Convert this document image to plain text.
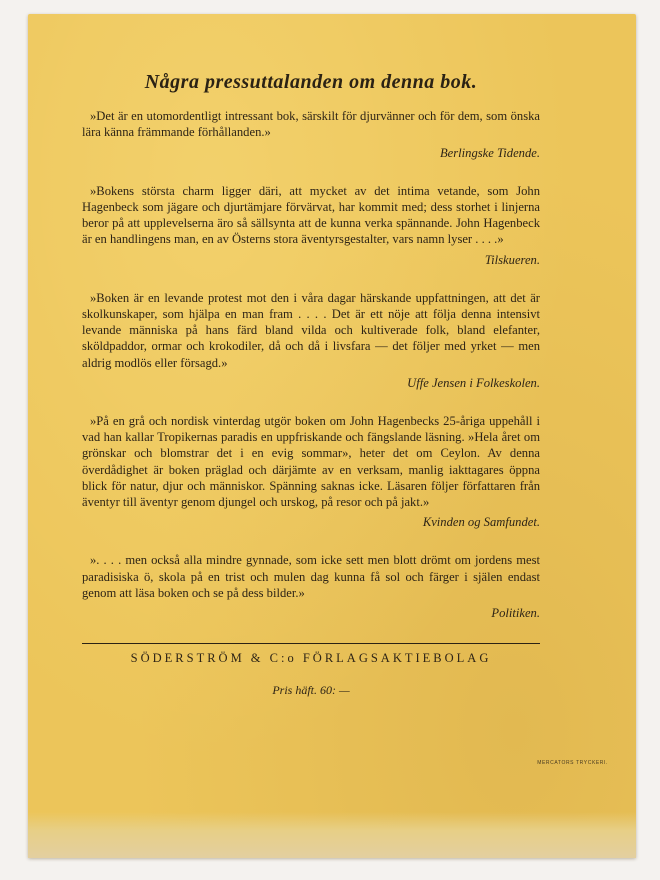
Några pressuttalanden om denna bok.

»Det är en utomordentligt intressant bok, särskilt för djurvänner och för dem, som önska lära känna främmande förhållanden.»

Berlingske Tidende.

»Bokens största charm ligger däri, att mycket av det intima vetande, som John Hagenbeck som jägare och djurtämjare förvärvat, har kommit med; dess storhet i linjerna beror på att upplevelserna äro så sällsynta att de kunna verka spännande. John Hagenbeck är en handlingens man, en av Österns stora äventyrsgestalter, vars namn lyser . . . .»

Tilskueren.

»Boken är en levande protest mot den i våra dagar härskande uppfattningen, att det är skolkunskaper, som hjälpa en man fram . . . . Det är ett nöje att följa denna intensivt levande människa på hans färd bland vilda och kultiverade folk, bland elefanter, sköldpaddor, ormar och krokodiler, då och då i livsfara — det följer med yrket — men aldrig modlös eller försagd.»

Uffe Jensen i Folkeskolen.

»På en grå och nordisk vinterdag utgör boken om John Hagenbecks 25-åriga uppehåll i vad han kallar Tropikernas paradis en uppfriskande och fängslande läsning. »Hela året om grönskar och blomstrar det i en evig sommar», heter det om Ceylon. Av denna överdådighet är boken präglad och därjämte av en verksam, manlig iakttagares öppna blick för natur, djur och människor. Spänning saknas icke. Läsaren följer författaren från äventyr till äventyr genom djungel och urskog, på resor och på jakt.»

Kvinden og Samfundet.

». . . . men också alla mindre gynnade, som icke sett men blott drömt om jordens mest paradisiska ö, skola på en trist och mulen dag kunna få sol och färger i själen endast genom att läsa boken och se på dess bilder.»

Politiken.

SÖDERSTRÖM & C:o FÖRLAGSAKTIEBOLAG

Pris häft. 60: —

MERCATORS TRYCKERI.
